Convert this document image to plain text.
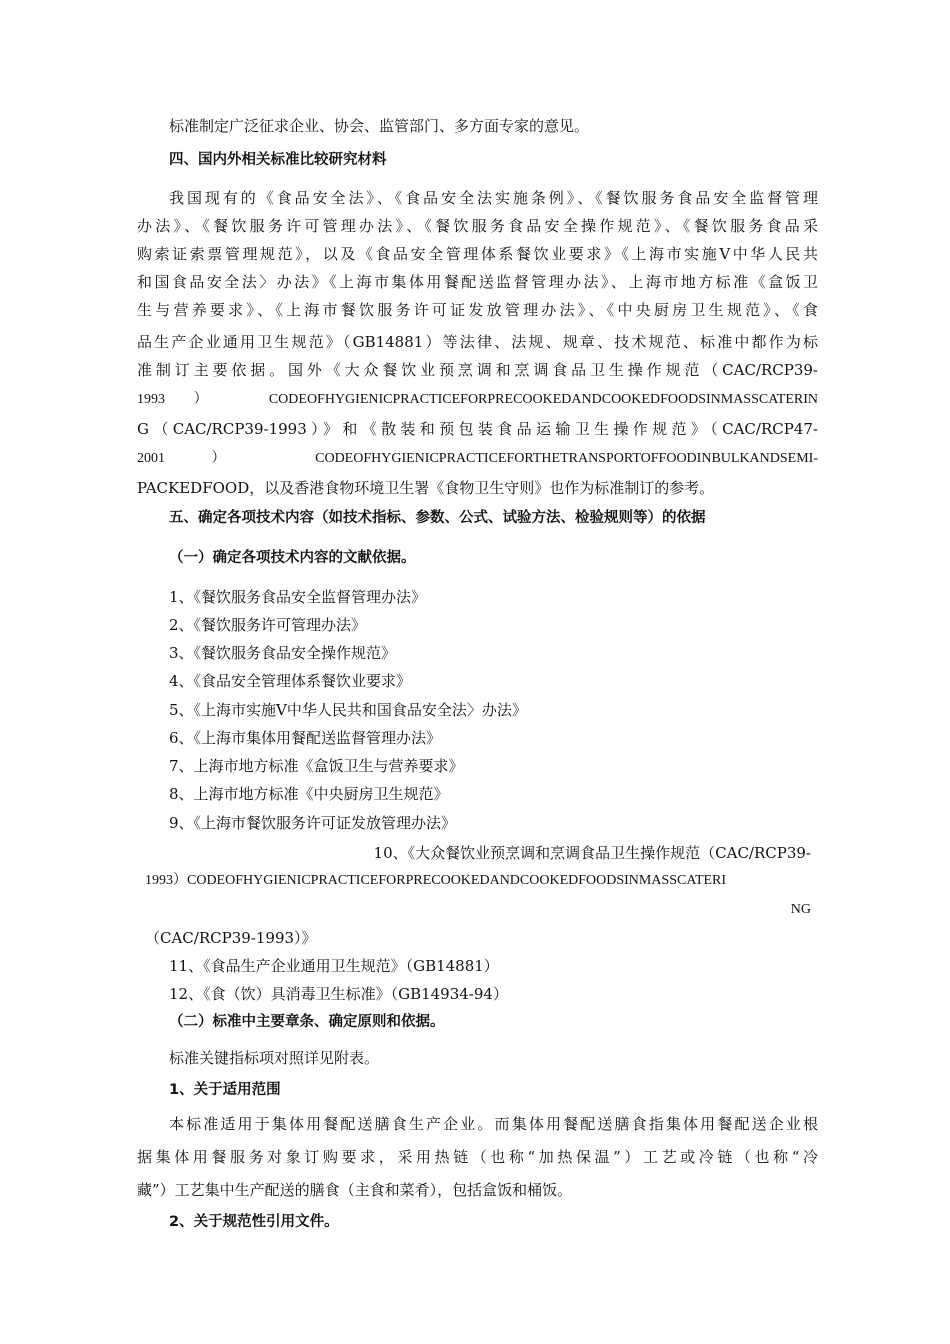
标准制定广泛征求企业、协会、监管部门、多方面专家的意见。
四、国内外相关标准比较研究材料
我国现有的《食品安全法》、《食品安全法实施条例》、《餐饮服务食品安全监督管理
办法》、《餐饮服务许可管理办法》、《餐饮服务食品安全操作规范》、《餐饮服务食品采
购索证索票管理规范》，以及《食品安全管理体系餐饮业要求》《上海市实施Ⅴ中华人民共
和国食品安全法〉办法》《上海市集体用餐配送监督管理办法》、上海市地方标准《盒饭卫
生与营养要求》、《上海市餐饮服务许可证发放管理办法》、《中央厨房卫生规范》、《食
品生产企业通用卫生规范》（GB14881）等法律、法规、规章、技术规范、标准中都作为标
准制订主要依据。国外《大众餐饮业预烹调和烹调食品卫生操作规范（CAC/RCP39-
1993） CODEOFHYGIENICPRACTICEFORPRECOOKEDANDCOOKEDFOODSINMASSCATERIN
G（CAC/RCP39-1993）》和《散装和预包装食品运输卫生操作规范》（CAC/RCP47-
2001 ） CODEOFHYGIENICPRACTICEFORTHETRANSPORTOFFOODINBULKANDSEMI-
PACKEDFOOD，以及香港食物环境卫生署《食物卫生守则》也作为标准制订的参考。
五、确定各项技术内容（如技术指标、参数、公式、试验方法、检验规则等）的依据
（一）确定各项技术内容的文献依据。
1、《餐饮服务食品安全监督管理办法》
2、《餐饮服务许可管理办法》
3、《餐饮服务食品安全操作规范》
4、《食品安全管理体系餐饮业要求》
5、《上海市实施Ⅴ中华人民共和国食品安全法〉办法》
6、《上海市集体用餐配送监督管理办法》
7、上海市地方标准《盒饭卫生与营养要求》
8、上海市地方标准《中央厨房卫生规范》
9、《上海市餐饮服务许可证发放管理办法》
10、《大众餐饮业预烹调和烹调食品卫生操作规范（CAC/RCP39-
1993）CODEOFHYGIENICPRACTICEFORPRECOOKEDANDCOOKEDFOODSINMASSCATERI
NG
（CAC/RCP39-1993）》
11、《食品生产企业通用卫生规范》（GB14881）
12、《食（饮）具消毒卫生标准》（GB14934-94）
（二）标准中主要章条、确定原则和依据。
标准关键指标项对照详见附表。
1、关于适用范围
本标准适用于集体用餐配送膳食生产企业。而集体用餐配送膳食指集体用餐配送企业根
据集体用餐服务对象订购要求，采用热链（也称“加热保温”）工艺或冷链（也称“冷
藏”）工艺集中生产配送的膳食（主食和菜肴），包括盒饭和桶饭。
2、关于规范性引用文件。
